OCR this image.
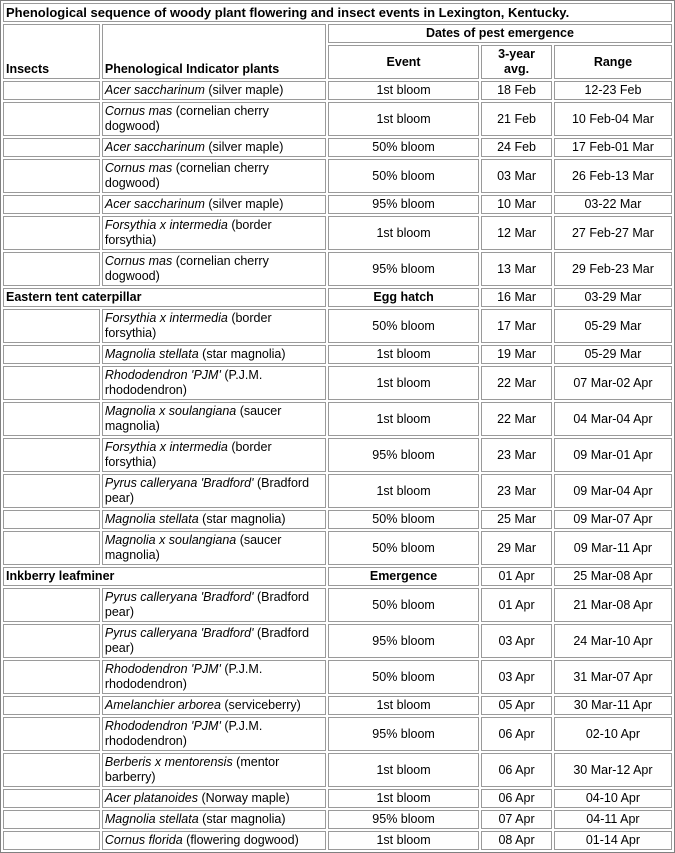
Phenological sequence of woody plant flowering and insect events in Lexington, Kentucky.				
Insects	Phenological Indicator plants	Dates of pest emergence		
		Event	3-year avg.	Range
	Acer saccharinum (silver maple)	1st bloom	18 Feb	12-23 Feb
	Cornus mas (cornelian cherry dogwood)	1st bloom	21 Feb	10 Feb-04 Mar
	Acer saccharinum (silver maple)	50% bloom	24 Feb	17 Feb-01 Mar
	Cornus mas (cornelian cherry dogwood)	50% bloom	03 Mar	26 Feb-13 Mar
	Acer saccharinum (silver maple)	95% bloom	10 Mar	03-22 Mar
	Forsythia x intermedia (border forsythia)	1st bloom	12 Mar	27 Feb-27 Mar
	Cornus mas (cornelian cherry dogwood)	95% bloom	13 Mar	29 Feb-23 Mar
Eastern tent caterpillar		Egg hatch	16 Mar	03-29 Mar
	Forsythia x intermedia (border forsythia)	50% bloom	17 Mar	05-29 Mar
	Magnolia stellata (star magnolia)	1st bloom	19 Mar	05-29 Mar
	Rhododendron 'PJM' (P.J.M. rhododendron)	1st bloom	22 Mar	07 Mar-02 Apr
	Magnolia x soulangiana (saucer magnolia)	1st bloom	22 Mar	04 Mar-04 Apr
	Forsythia x intermedia (border forsythia)	95% bloom	23 Mar	09 Mar-01 Apr
	Pyrus calleryana 'Bradford' (Bradford pear)	1st bloom	23 Mar	09 Mar-04 Apr
	Magnolia stellata (star magnolia)	50% bloom	25 Mar	09 Mar-07 Apr
	Magnolia x soulangiana (saucer magnolia)	50% bloom	29 Mar	09 Mar-11 Apr
Inkberry leafminer		Emergence	01 Apr	25 Mar-08 Apr
	Pyrus calleryana 'Bradford' (Bradford pear)	50% bloom	01 Apr	21 Mar-08 Apr
	Pyrus calleryana 'Bradford' (Bradford pear)	95% bloom	03 Apr	24 Mar-10 Apr
	Rhododendron 'PJM' (P.J.M. rhododendron)	50% bloom	03 Apr	31 Mar-07 Apr
	Amelanchier arborea (serviceberry)	1st bloom	05 Apr	30 Mar-11 Apr
	Rhododendron 'PJM' (P.J.M. rhododendron)	95% bloom	06 Apr	02-10 Apr
	Berberis x mentorensis (mentor barberry)	1st bloom	06 Apr	30 Mar-12 Apr
	Acer platanoides (Norway maple)	1st bloom	06 Apr	04-10 Apr
	Magnolia stellata (star magnolia)	95% bloom	07 Apr	04-11 Apr
	Cornus florida (flowering dogwood)	1st bloom	08 Apr	01-14 Apr
